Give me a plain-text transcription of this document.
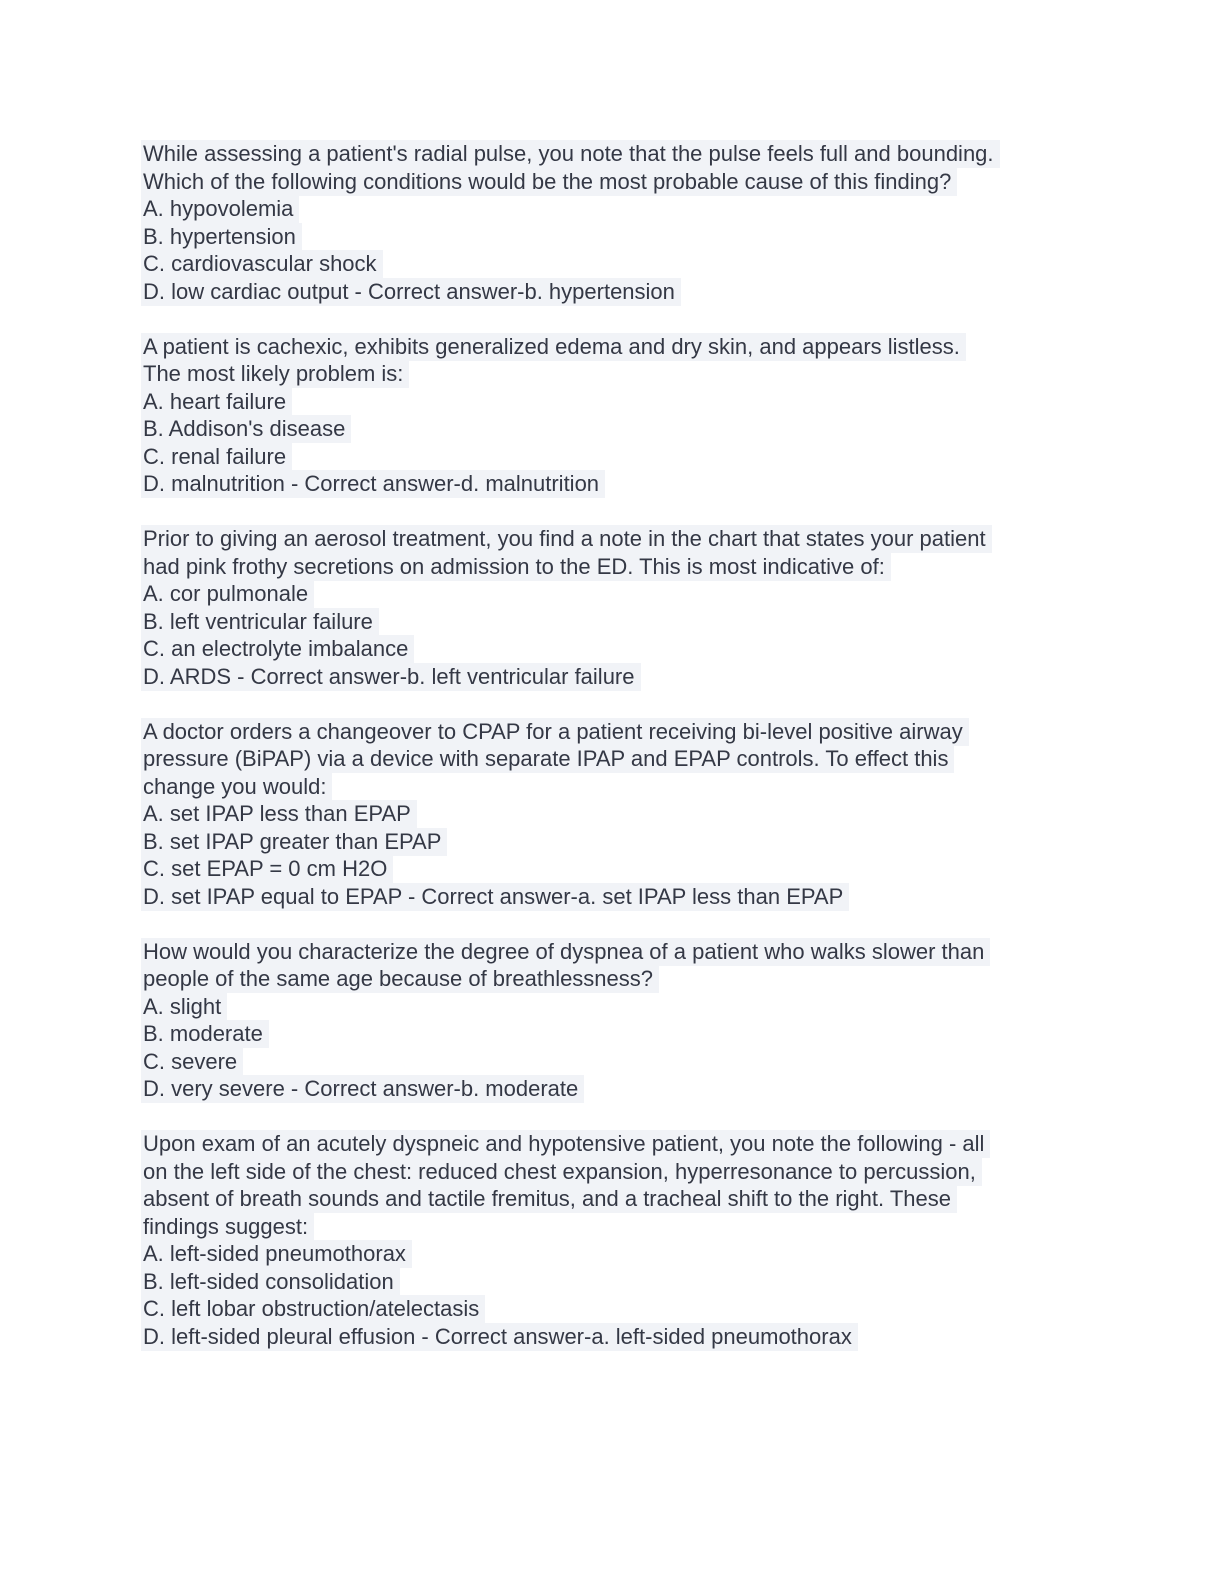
While assessing a patient's radial pulse, you note that the pulse feels full and bounding.
Which of the following conditions would be the most probable cause of this finding?
A. hypovolemia
B. hypertension
C. cardiovascular shock
D. low cardiac output - Correct answer-b. hypertension
A patient is cachexic, exhibits generalized edema and dry skin, and appears listless.
The most likely problem is:
A. heart failure
B. Addison's disease
C. renal failure
D. malnutrition - Correct answer-d. malnutrition
Prior to giving an aerosol treatment, you find a note in the chart that states your patient
had pink frothy secretions on admission to the ED. This is most indicative of:
A. cor pulmonale
B. left ventricular failure
C. an electrolyte imbalance
D. ARDS - Correct answer-b. left ventricular failure
A doctor orders a changeover to CPAP for a patient receiving bi-level positive airway
pressure (BiPAP) via a device with separate IPAP and EPAP controls. To effect this
change you would:
A. set IPAP less than EPAP
B. set IPAP greater than EPAP
C. set EPAP = 0 cm H2O
D. set IPAP equal to EPAP - Correct answer-a. set IPAP less than EPAP
How would you characterize the degree of dyspnea of a patient who walks slower than
people of the same age because of breathlessness?
A. slight
B. moderate
C. severe
D. very severe - Correct answer-b. moderate
Upon exam of an acutely dyspneic and hypotensive patient, you note the following - all
on the left side of the chest: reduced chest expansion, hyperresonance to percussion,
absent of breath sounds and tactile fremitus, and a tracheal shift to the right. These
findings suggest:
A. left-sided pneumothorax
B. left-sided consolidation
C. left lobar obstruction/atelectasis
D. left-sided pleural effusion - Correct answer-a. left-sided pneumothorax
